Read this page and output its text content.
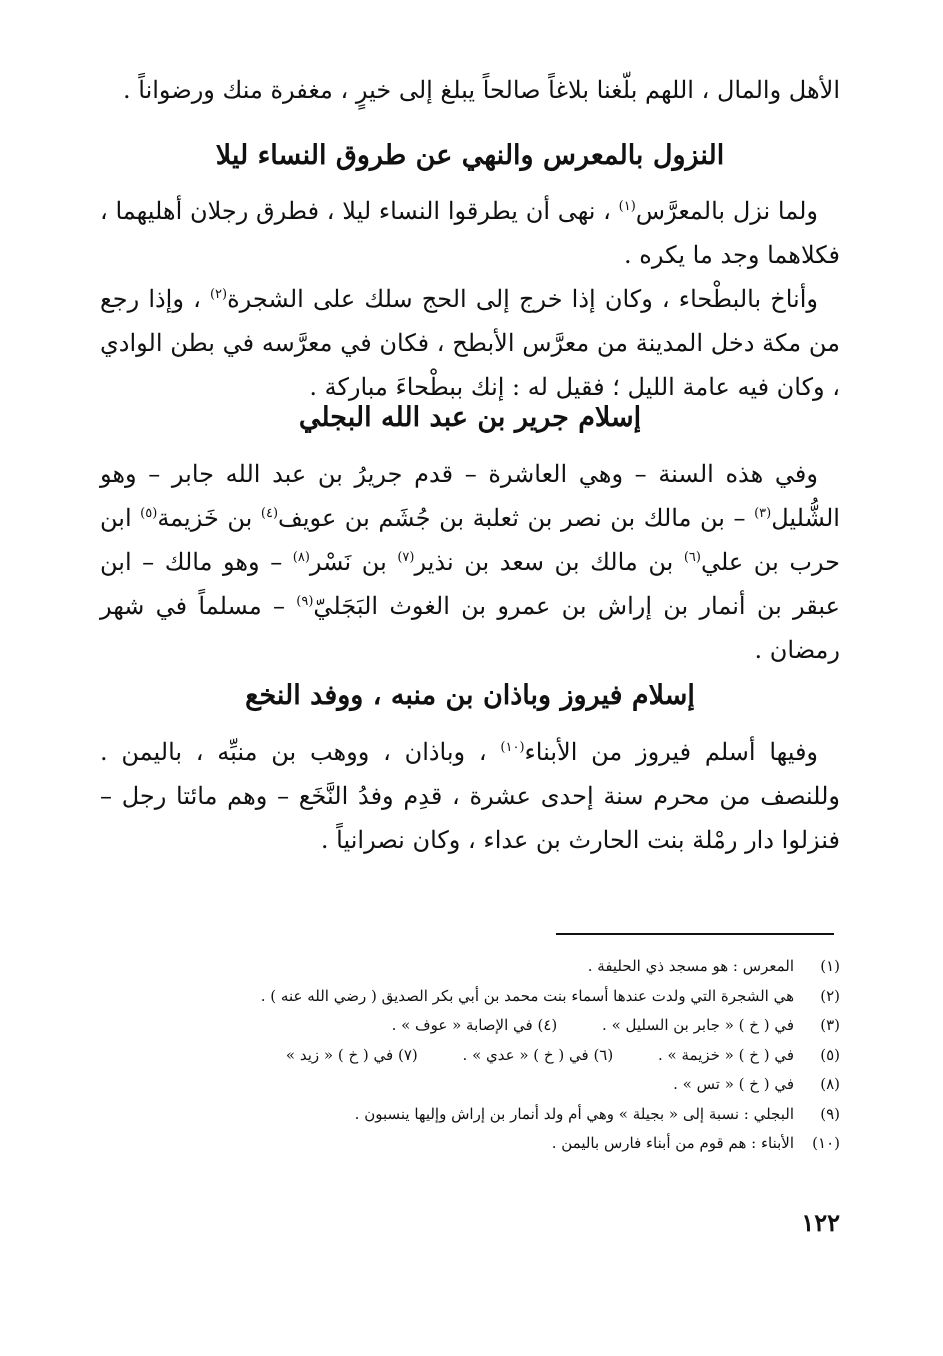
الأهل والمال ، اللهم بلّغنا بلاغاً صالحاً يبلغ إلى خيرٍ ، مغفرة منك ورضواناً .

النزول بالمعرس والنهي عن طروق النساء ليلا

ولما نزل بالمعرَّس$^{(١)}$ ، نهى أن يطرقوا النساء ليلا ، فطرق رجلان أهليهما ، فكلاهما وجد ما يكره .

وأناخ بالبطْحاء ، وكان إذا خرج إلى الحج سلك على الشجرة$^{(٢)}$ ، وإذا رجع من مكة دخل المدينة من معرَّس الأبطح ، فكان في معرَّسه في بطن الوادي ، وكان فيه عامة الليل ؛ فقيل له : إنك ببطْحاءَ مباركة .

إسلام جرير بن عبد الله البجلي

وفي هذه السنة – وهي العاشرة – قدم جريرُ بن عبد الله جابر – وهو الشُّليل$^{(٣)}$ – بن مالك بن نصر بن ثعلبة بن جُشَم بن عويف$^{(٤)}$ بن خَزيمة$^{(٥)}$ ابن حرب بن علي$^{(٦)}$ بن مالك بن سعد بن نذير$^{(٧)}$ بن نَسْر$^{(٨)}$ – وهو مالك – ابن عبقر بن أنمار بن إراش بن عمرو بن الغوث البَجَليّ$^{(٩)}$ – مسلماً في شهر رمضان .

إسلام فيروز وباذان بن منبه ، ووفد النخع

وفيها أسلم فيروز من الأبناء$^{(١٠)}$ ، وباذان ، ووهب بن منبِّه ، باليمن . وللنصف من محرم سنة إحدى عشرة ، قدِم وفدُ النَّخَع – وهم مائتا رجل – فنزلوا دار رمْلة بنت الحارث بن عداء ، وكان نصرانياً .

(١)
المعرس : هو مسجد ذي الحليفة .
(٢)
هي الشجرة التي ولدت عندها أسماء بنت محمد بن أبي بكر الصديق ( رضي الله عنه ) .
(٣)
في ( خ ) « جابر بن السليل » . (٤) في الإصابة « عوف » .
(٥)
في ( خ ) « خزيمة » . (٦) في ( خ ) « عدي » . (٧) في ( خ ) « زيد »
(٨)
في ( خ ) « تس » .
(٩)
البجلي : نسبة إلى « بجيلة » وهي أم ولد أنمار بن إراش وإليها ينسبون .
(١٠)
الأبناء : هم قوم من أبناء فارس باليمن .
١٢٢
